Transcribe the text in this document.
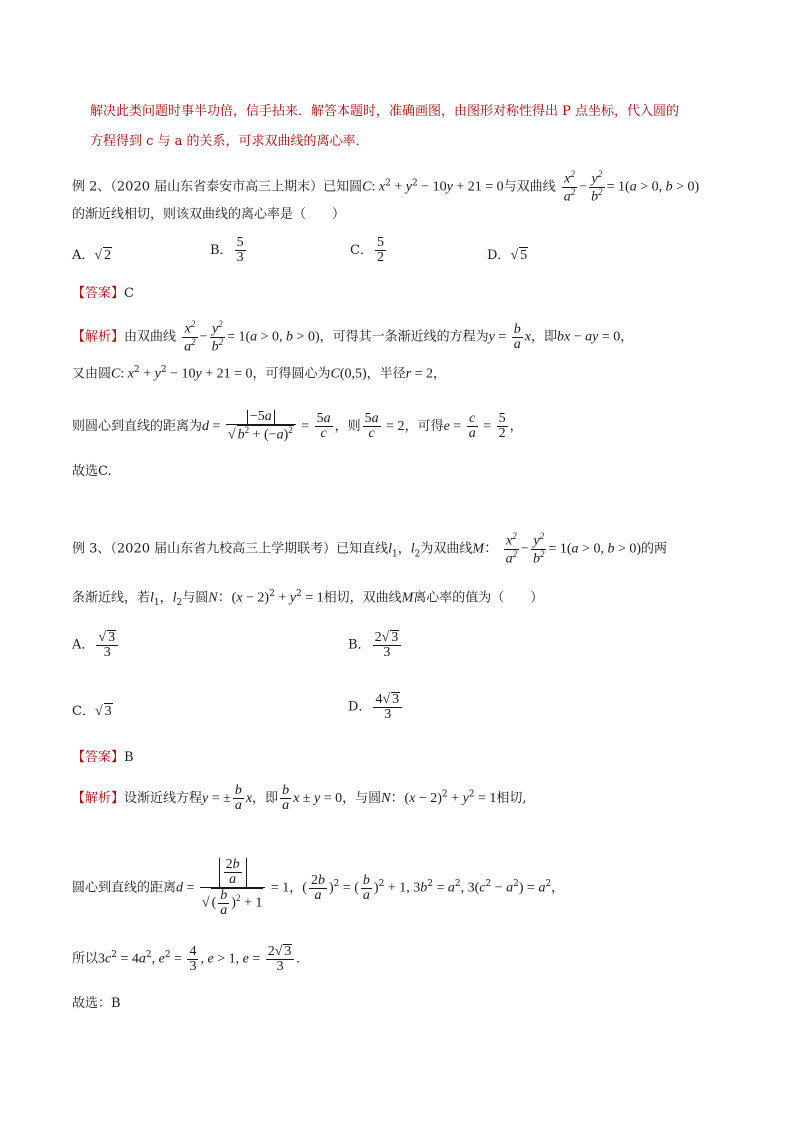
解决此类问题时事半功倍，信手拈来．解答本题时，准确画图，由图形对称性得出 P 点坐标，代入圆的
方程得到 c 与 a 的关系，可求双曲线的离心率．
例 2、（2020 届山东省泰安市高三上期末）已知圆C: $x^2 + y^2 - 10y + 21 = 0$与双曲线 $\frac{x^2}{a^2} - \frac{y^2}{b^2} = 1(a > 0$, b > 0)
的渐近线相切，则该双曲线的离心率是（　　）
A．√ 2	B． $\frac{5}{3}$	C． $\frac{5}{2}$	D．√ 5
【答案】C
【解析】由双曲线 $\frac{x^2}{a^2} - \frac{y^2}{b^2} = 1(a > 0$, b > 0)，可得其一条渐近线的方程为$y = \frac{b}{a}$ x，即bx − ay = 0，
又由圆C: $x^2 + y^2 - 10y + 21 = 0$，可得圆心为C(0,5)，半径r = 2，
则圆心到直线的距离为$d = \frac{-5a}{√ b^2 + (-a)^2} = \frac{5a}{c}$ ，则 $\frac{5a}{c} = 2$，可得$e = \frac{c}{a} = \frac{5}{2}$ ，
故选C.
例 3、（2020 届山东省九校高三上学期联考）已知直线$l_1$，$l_2$为双曲线M： $\frac{x^2}{a^2} - \frac{y^2}{b^2} = 1(a > 0$, b > 0)的两
条渐近线，若$l_1$，$l_2$与圆N：$(x - 2)^2 + y^2 = 1$相切，双曲线M离心率的值为（　　）
A． $\frac{√ 3}{3}$	B． $\frac{2√ 3}{3}$
C．√ 3	D． $\frac{4√ 3}{3}$
【答案】B
【解析】设渐近线方程y = ± $\frac{b}{a}$ x，即 $\frac{b}{a}$ x ± y = 0，与圆N：$(x - 2)^2 + y^2 = 1$相切,
圆心到直线的距离$d = \frac{\frac{2b}{a}}{√ ( \frac{b}{a} )^2 + 1} = 1$，( $\frac{2b}{a} )^2$ = ( $\frac{b}{a} )^2 + 1$, $3b^2 = a^2$, $3(c^2 - a^2) = a^2$，
所以$3c^2 = 4a^2$, $e^2 = \frac{4}{3}$ , e > 1, $e = \frac{2√ 3}{3}$ .
故选：B
